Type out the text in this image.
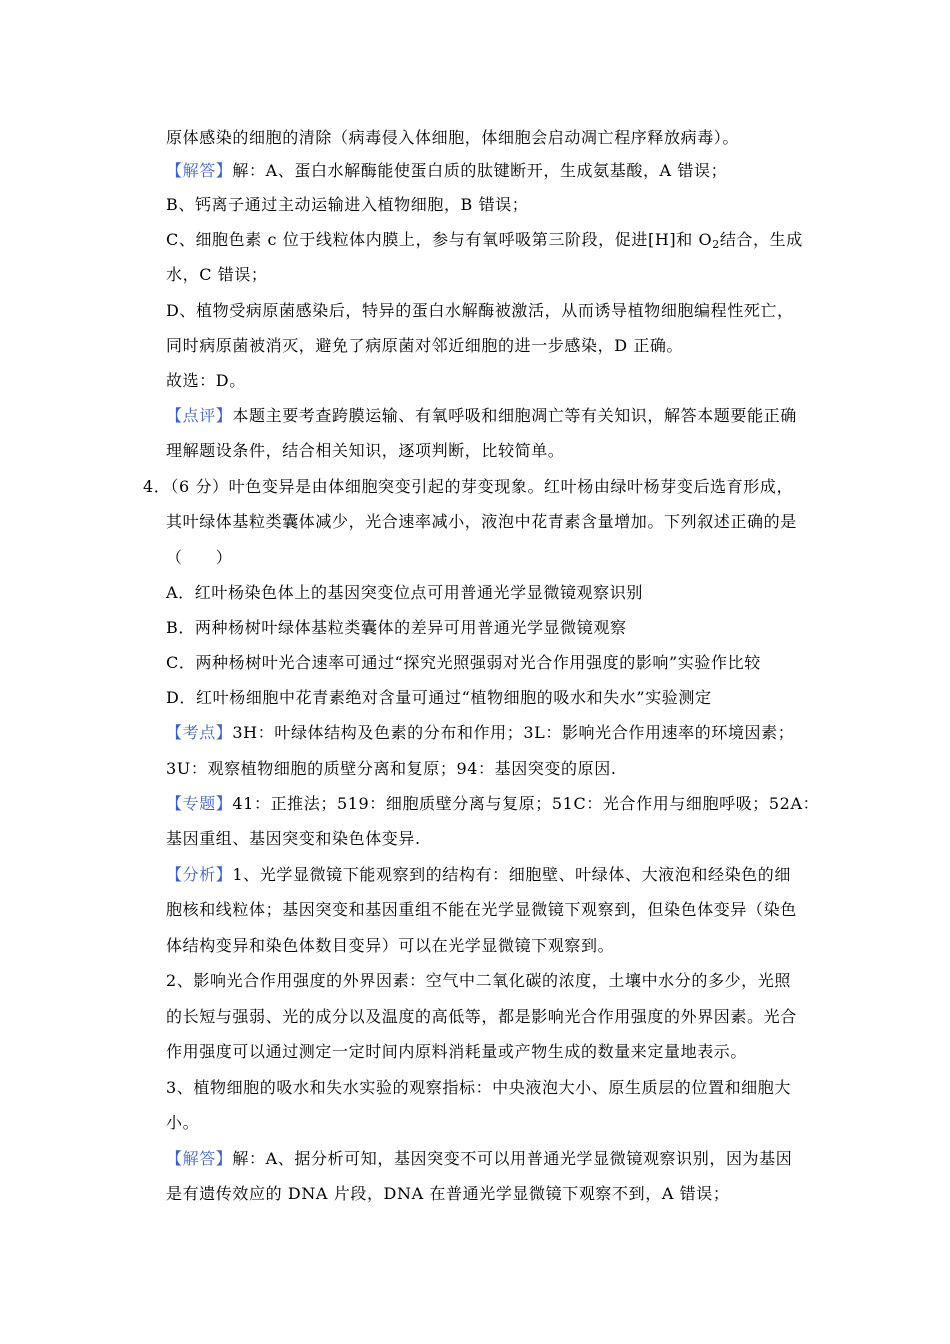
原体感染的细胞的清除（病毒侵入体细胞，体细胞会启动凋亡程序释放病毒）。
【解答】解：A、蛋白水解酶能使蛋白质的肽键断开，生成氨基酸，A 错误；
B、钙离子通过主动运输进入植物细胞，B 错误；
C、细胞色素 c 位于线粒体内膜上，参与有氧呼吸第三阶段，促进[H]和 $O_2$结合，生成
水，C 错误；
D、植物受病原菌感染后，特异的蛋白水解酶被激活，从而诱导植物细胞编程性死亡，
同时病原菌被消灭，避免了病原菌对邻近细胞的进一步感染，D 正确。
故选：D。
【点评】本题主要考查跨膜运输、有氧呼吸和细胞凋亡等有关知识，解答本题要能正确
理解题设条件，结合相关知识，逐项判断，比较简单。
4．（6 分）叶色变异是由体细胞突变引起的芽变现象。红叶杨由绿叶杨芽变后选育形成，
其叶绿体基粒类囊体减少，光合速率减小，液泡中花青素含量增加。下列叙述正确的是
（　　）
A．红叶杨染色体上的基因突变位点可用普通光学显微镜观察识别
B．两种杨树叶绿体基粒类囊体的差异可用普通光学显微镜观察
C．两种杨树叶光合速率可通过“探究光照强弱对光合作用强度的影响”实验作比较
D．红叶杨细胞中花青素绝对含量可通过“植物细胞的吸水和失水”实验测定
【考点】3H：叶绿体结构及色素的分布和作用；3L：影响光合作用速率的环境因素；
3U：观察植物细胞的质壁分离和复原；94：基因突变的原因.
【专题】41：正推法；519：细胞质壁分离与复原；51C：光合作用与细胞呼吸；52A：
基因重组、基因突变和染色体变异.
【分析】1、光学显微镜下能观察到的结构有：细胞壁、叶绿体、大液泡和经染色的细
胞核和线粒体；基因突变和基因重组不能在光学显微镜下观察到，但染色体变异（染色
体结构变异和染色体数目变异）可以在光学显微镜下观察到。
2、影响光合作用强度的外界因素：空气中二氧化碳的浓度，土壤中水分的多少，光照
的长短与强弱、光的成分以及温度的高低等，都是影响光合作用强度的外界因素。光合
作用强度可以通过测定一定时间内原料消耗量或产物生成的数量来定量地表示。
3、植物细胞的吸水和失水实验的观察指标：中央液泡大小、原生质层的位置和细胞大
小。
【解答】解：A、据分析可知，基因突变不可以用普通光学显微镜观察识别，因为基因
是有遗传效应的 DNA 片段，DNA 在普通光学显微镜下观察不到，A 错误；
